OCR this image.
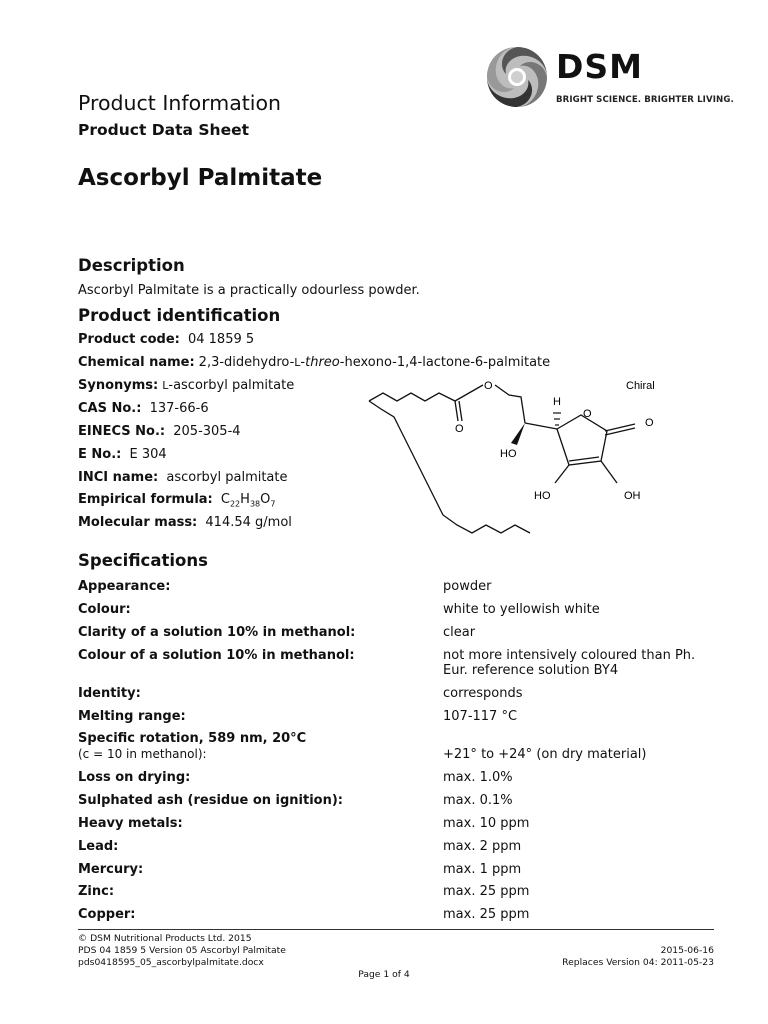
DSM
BRIGHT SCIENCE. BRIGHTER LIVING.
Product Information
Product Data Sheet
Ascorbyl Palmitate
Description
Ascorbyl Palmitate is a practically odourless powder.
Product identification
Product code: 04 1859 5
Chemical name: 2,3-didehydro-L-threo-hexono-1,4-lactone-6-palmitate
Synonyms: L-ascorbyl palmitate
CAS No.: 137-66-6
EINECS No.: 205-305-4
E No.: E 304
INCI name: ascorbyl palmitate
Empirical formula: $C_{22}H_{38}O_7$
Molecular mass: 414.54 g/mol
Chiral
O
O
H
O
O
HO
HO	OH
Specifications
Appearance:	powder
Colour:	white to yellowish white
Clarity of a solution 10% in methanol:	clear
Colour of a solution 10% in methanol:	not more intensively coloured than Ph.
Eur. reference solution BY4
Identity:	corresponds
Melting range:	107-117 °C
Specific rotation, 589 nm, 20°C
(c = 10 in methanol):	+21° to +24° (on dry material)
Loss on drying:	max. 1.0%
Sulphated ash (residue on ignition):	max. 0.1%
Heavy metals:	max. 10 ppm
Lead:	max. 2 ppm
Mercury:	max. 1 ppm
Zinc:	max. 25 ppm
Copper:	max. 25 ppm
© DSM Nutritional Products Ltd. 2015
PDS 04 1859 5 Version 05 Ascorbyl Palmitate
pds0418595_05_ascorbylpalmitate.docx
2015-06-16
Replaces Version 04: 2011-05-23
Page 1 of 4
